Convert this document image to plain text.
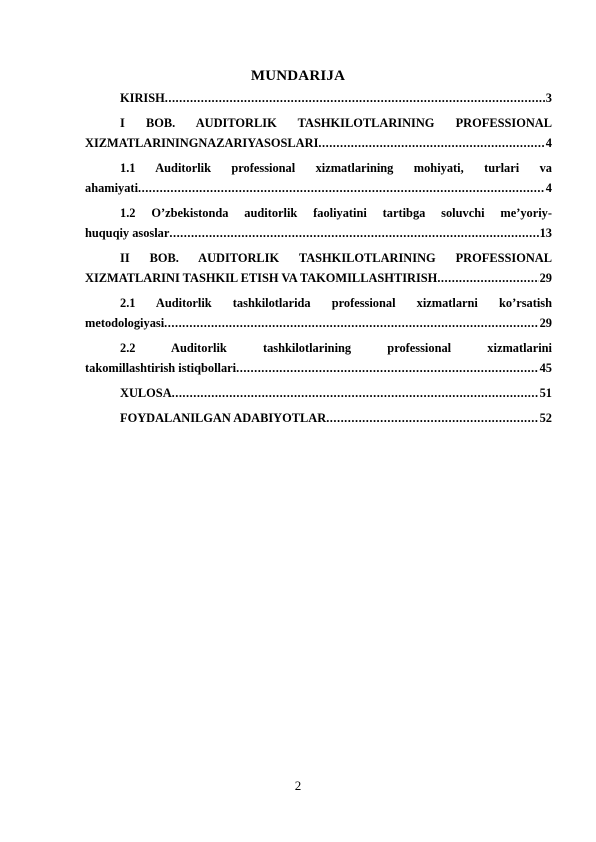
MUNDARIJA
KIRISH .....	3
I BOB. AUDITORLIK TASHKILOTLARINING PROFESSIONAL
XIZMATLARININGNAZARIYASOSLARI .....	4
1.1 Auditorlik professional xizmatlarining mohiyati, turlari va
ahamiyati .....	4
1.2 O’zbekistonda auditorlik faoliyatini tartibga soluvchi me’yoriy-
huquqiy asoslar .....	13
II BOB. AUDITORLIK TASHKILOTLARINING PROFESSIONAL
XIZMATLARINI TASHKIL ETISH VA TAKOMILLASHTIRISH .....	29
2.1 Auditorlik tashkilotlarida professional xizmatlarni ko’rsatish
metodologiyasi .....	29
2.2 Auditorlik tashkilotlarining professional xizmatlarini
takomillashtirish istiqbollari .....	45
XULOSA .....	51
FOYDALANILGAN ADABIYOTLAR .....	52
2
